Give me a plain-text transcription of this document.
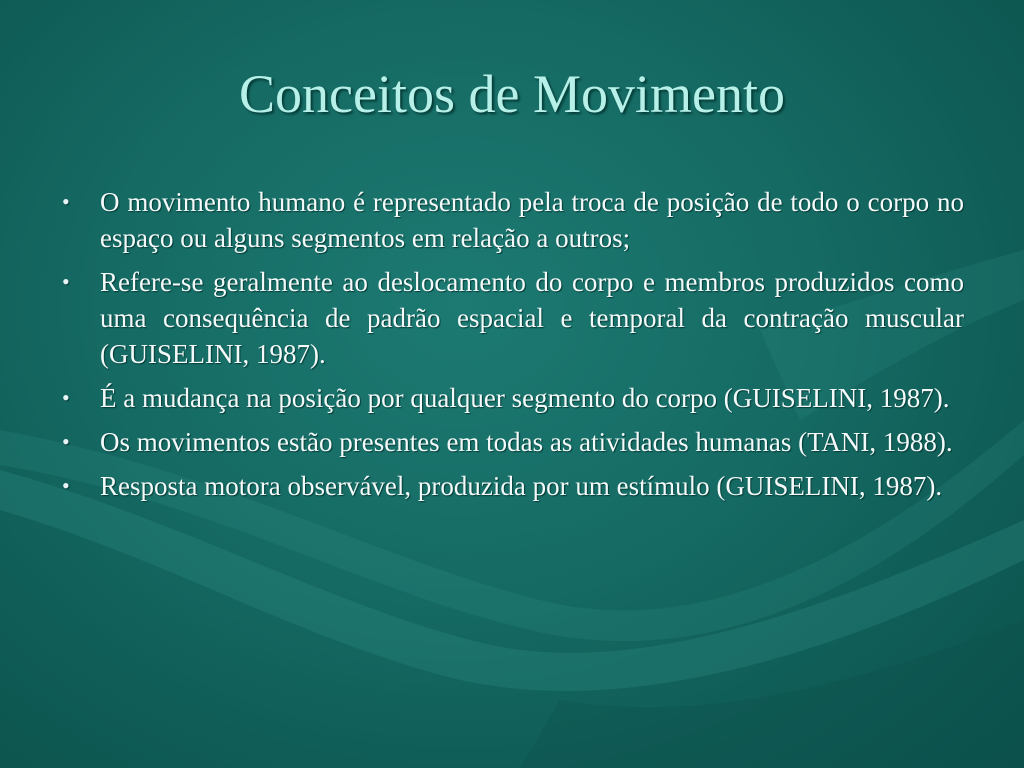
Conceitos de Movimento
•	O movimento humano é representado pela troca de posição de todo o corpo no espaço ou alguns segmentos em relação a outros;
•	Refere-se geralmente ao deslocamento do corpo e membros produzidos como uma consequência de padrão espacial e temporal da contração muscular (GUISELINI, 1987).
•	É a mudança na posição por qualquer segmento do corpo (GUISELINI, 1987).
•	Os movimentos estão presentes em todas as atividades humanas (TANI, 1988).
•	Resposta motora observável, produzida por um estímulo (GUISELINI, 1987).
